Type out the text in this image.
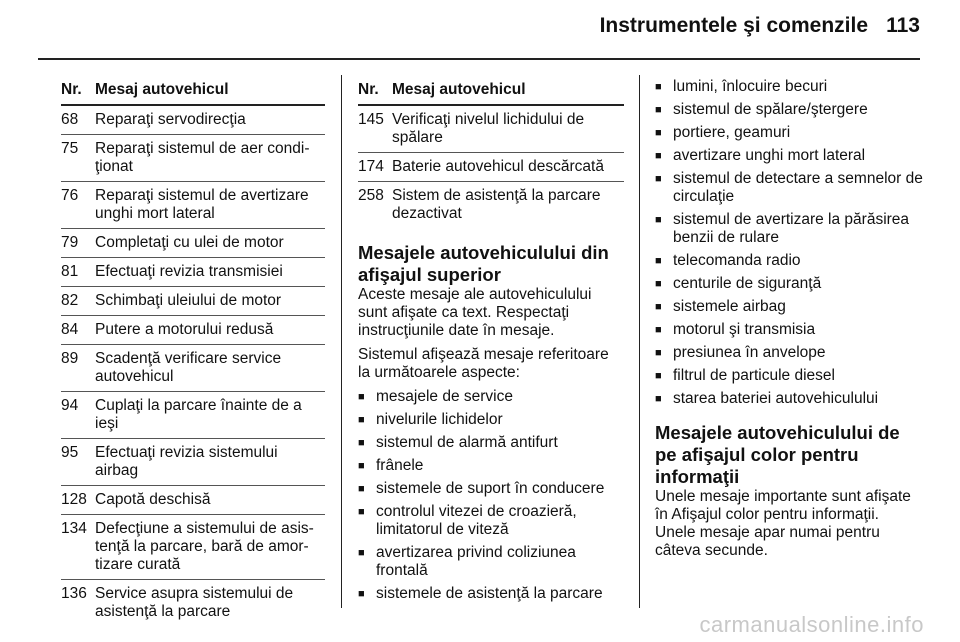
Instrumentele şi comenzile 113
Nr. Mesaj autovehicul
68	Reparaţi servodirecţia
75	Reparaţi sistemul de aer condi‐ţionat
76	Reparaţi sistemul de avertizare unghi mort lateral
79	Completaţi cu ulei de motor
81	Efectuaţi revizia transmisiei
82	Schimbaţi uleiului de motor
84	Putere a motorului redusă
89	Scadenţă verificare service autovehicul
94	Cuplaţi la parcare înainte de a ieşi
95	Efectuaţi revizia sistemului airbag
128 Capotă deschisă
134 Defecţiune a sistemului de asis‐tenţă la parcare, bară de amor‐tizare curată
136 Service asupra sistemului de asistenţă la parcare
Nr. Mesaj autovehicul
145 Verificaţi nivelul lichidului de spălare
174 Baterie autovehicul descărcată
258 Sistem de asistenţă la parcare dezactivat
Mesajele autovehiculului din afişajul superior
Aceste mesaje ale autovehiculului sunt afişate ca text. Respectaţi instrucţiunile date în mesaje.
Sistemul afişează mesaje referitoare la următoarele aspecte:
■ mesajele de service
■ nivelurile lichidelor
■ sistemul de alarmă antifurt
■ frânele
■ sistemele de suport în conducere
■ controlul vitezei de croazieră, limitatorul de viteză
■ avertizarea privind coliziunea frontală
■ sistemele de asistenţă la parcare
■ lumini, înlocuire becuri
■ sistemul de spălare/ştergere
■ portiere, geamuri
■ avertizare unghi mort lateral
■ sistemul de detectare a semnelor de circulaţie
■ sistemul de avertizare la părăsirea benzii de rulare
■ telecomanda radio
■ centurile de siguranţă
■ sistemele airbag
■ motorul şi transmisia
■ presiunea în anvelope
■ filtrul de particule diesel
■ starea bateriei autovehiculului
Mesajele autovehiculului de pe afişajul color pentru informaţii
Unele mesaje importante sunt afişate în Afişajul color pentru informaţii. Unele mesaje apar numai pentru câteva secunde.
carmanualsonline.info
